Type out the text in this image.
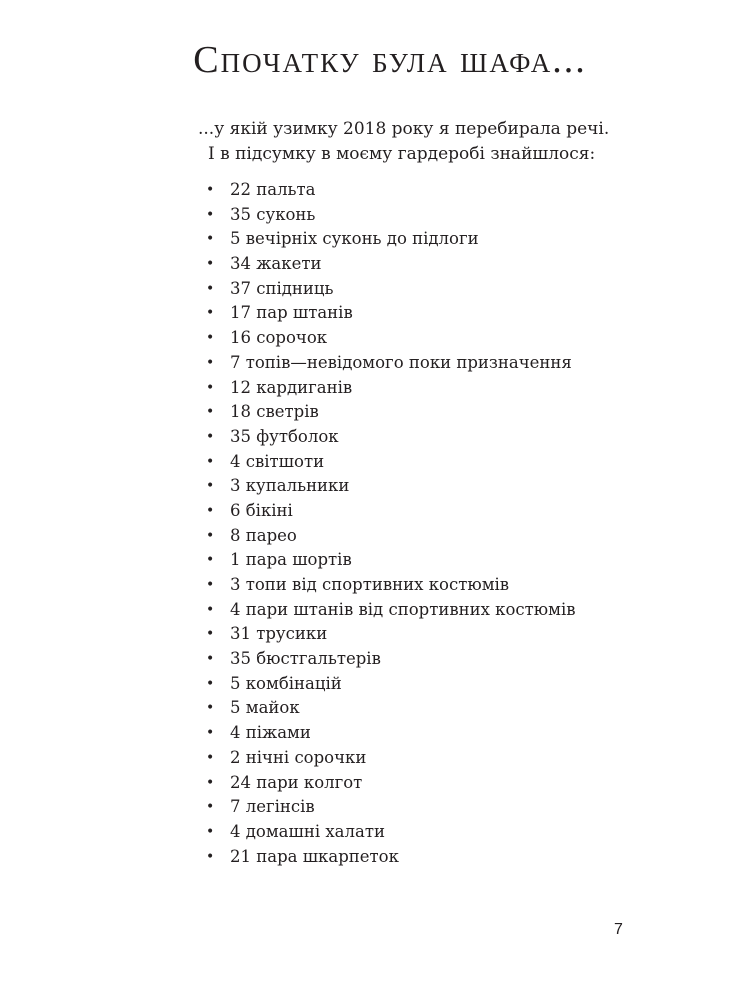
Спочатку була шафа...

...у якій узимку 2018 року я перебирала речі.
І в підсумку в моєму гардеробі знайшлося:

• 22 пальта
• 35 суконь
• 5 вечірніх суконь до підлоги
• 34 жакети
• 37 спідниць
• 17 пар штанів
• 16 сорочок
• 7 топів—невідомого поки призначення
• 12 кардиганів
• 18 светрів
• 35 футболок
• 4 світшоти
• 3 купальники
• 6 бікіні
• 8 парео
• 1 пара шортів
• 3 топи від спортивних костюмів
• 4 пари штанів від спортивних костюмів
• 31 трусики
• 35 бюстгальтерів
• 5 комбінацій
• 5 майок
• 4 піжами
• 2 нічні сорочки
• 24 пари колгот
• 7 легінсів
• 4 домашні халати
• 21 пара шкарпеток
7
